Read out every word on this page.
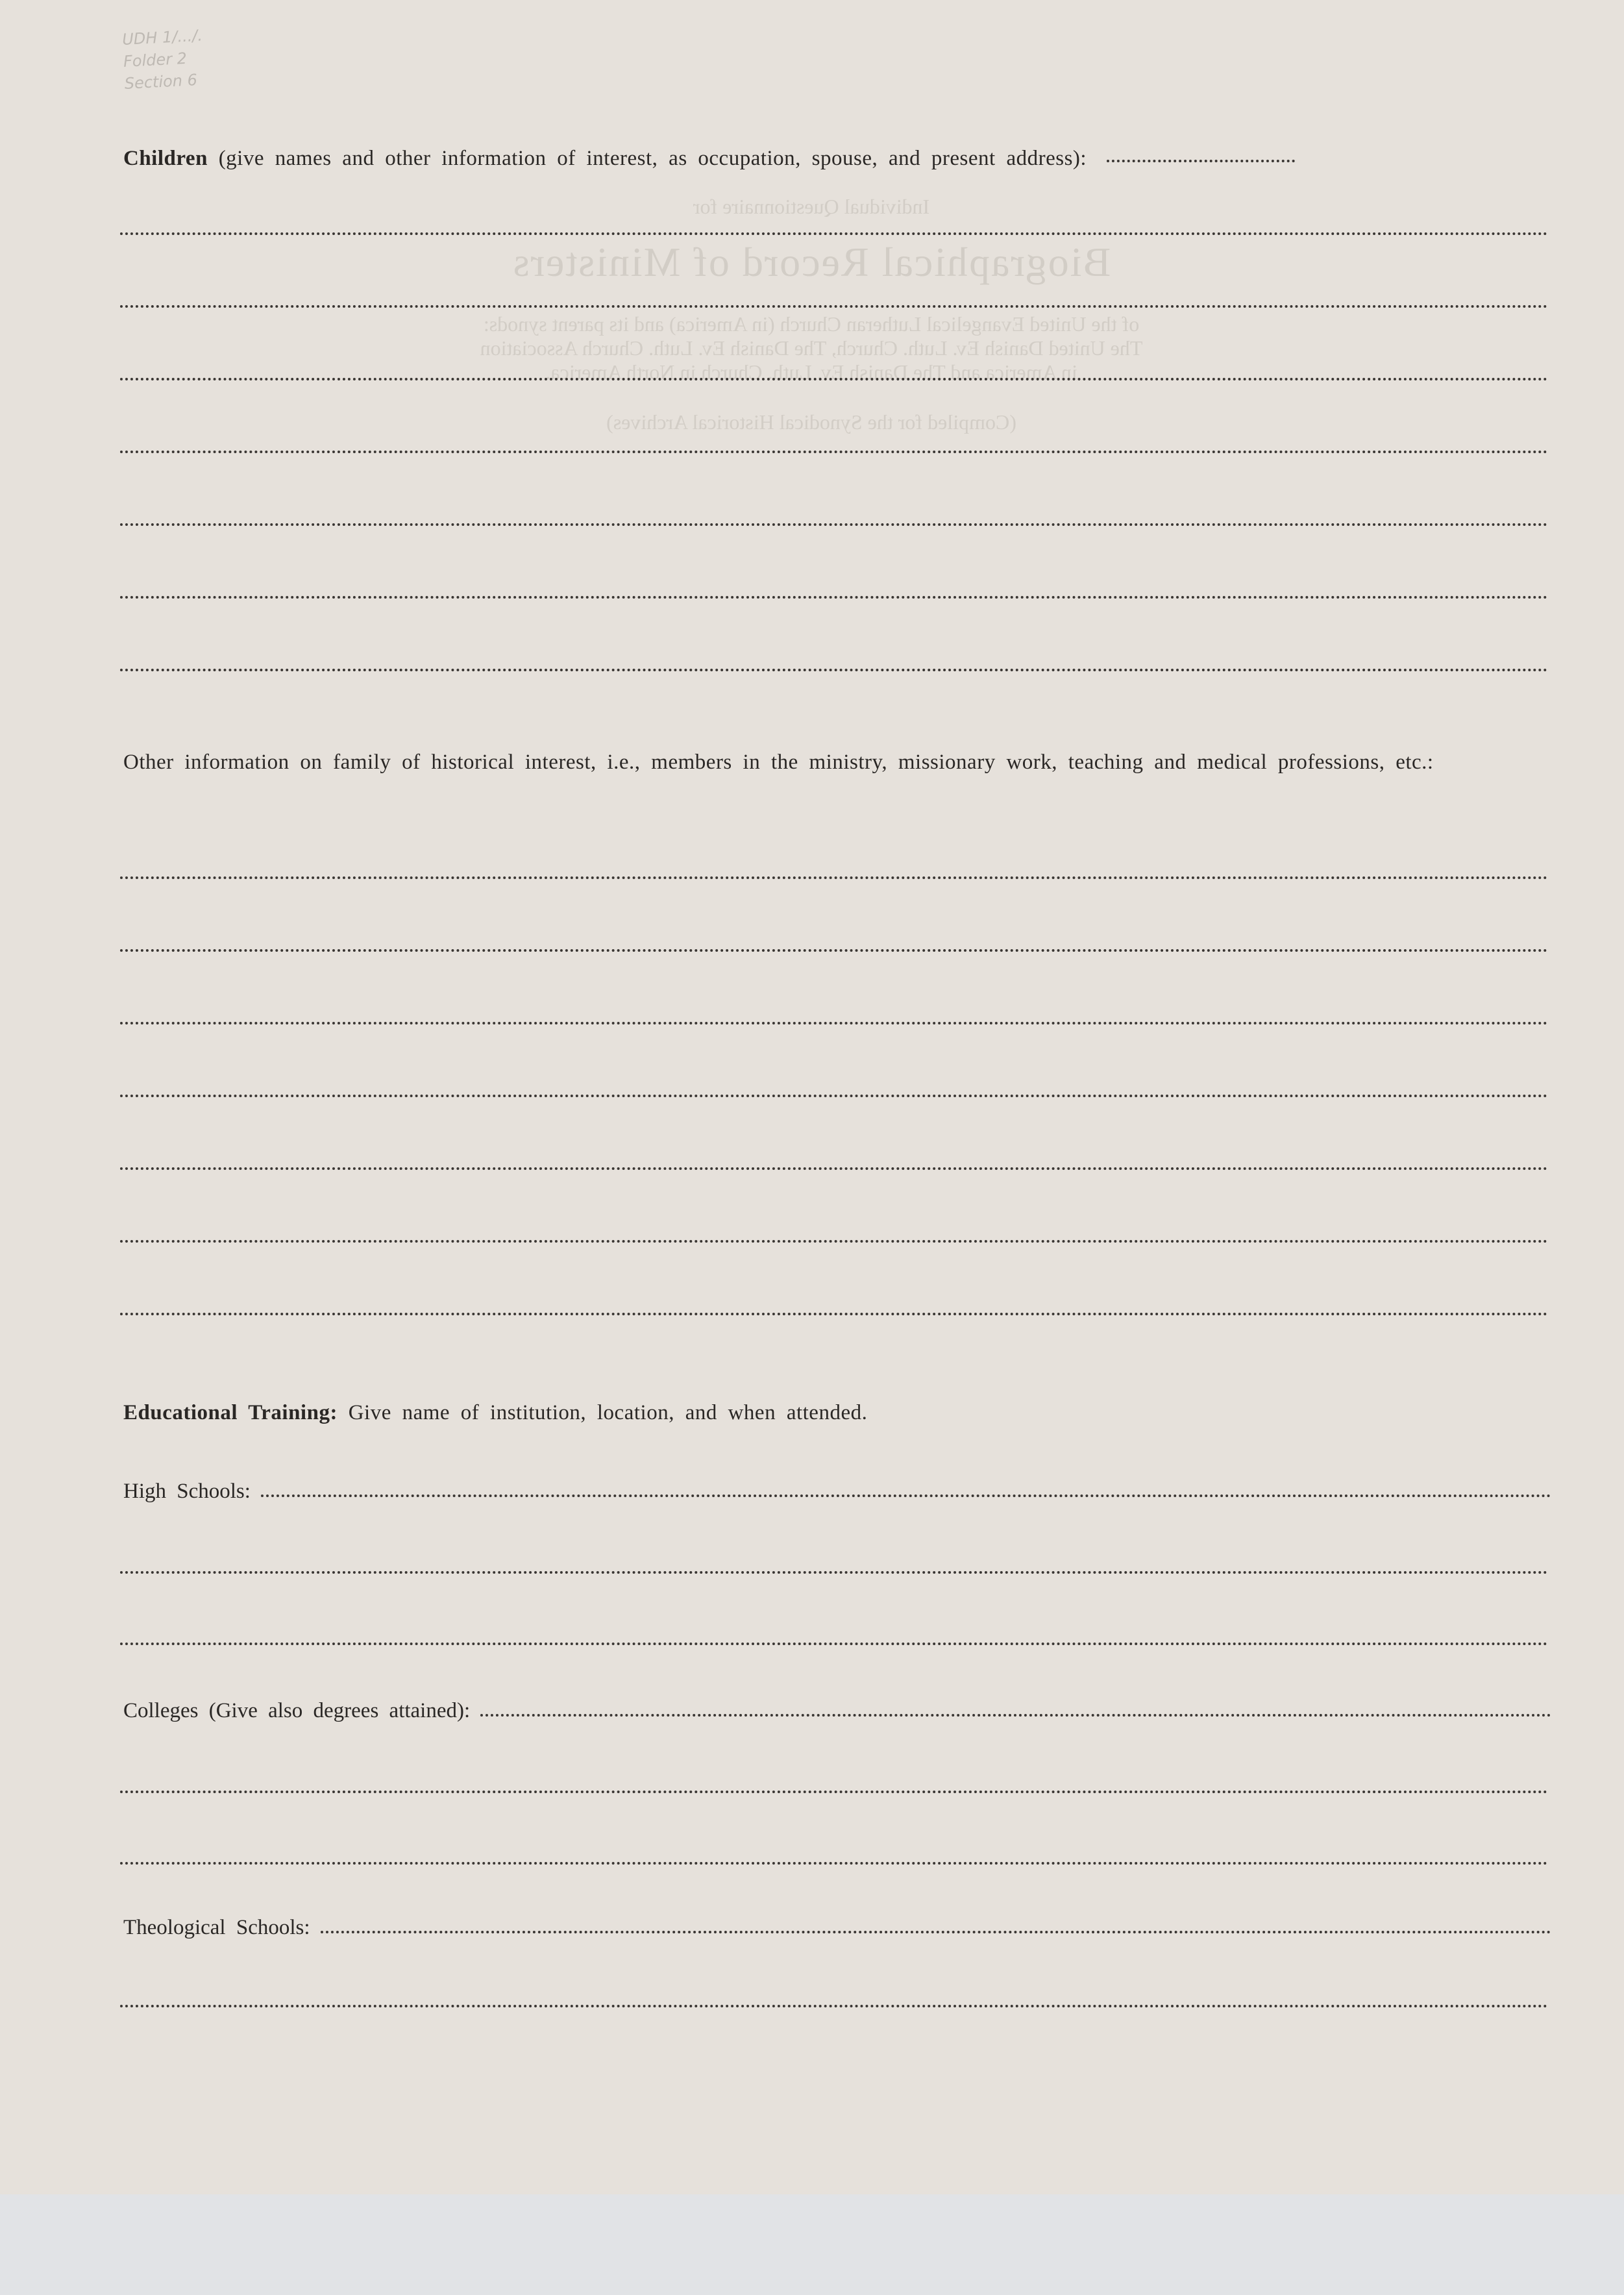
UDH 1/.../.
Folder 2
Section 6
Individual Questionnaire for
Biographical Record of Ministers
of the United Evangelical Lutheran Church (in America) and its parent synods:
The United Danish Ev. Luth. Church, The Danish Ev. Luth. Church Association
in America and The Danish Ev. Luth. Church in North America.
(Compiled for the Synodical Historical Archives)
Children (give names and other information of interest, as occupation, spouse, and present address):
Other information on family of historical interest, i.e., members in the ministry, missionary work, teaching and medical professions, etc.:
Educational Training: Give name of institution, location, and when attended.
High Schools:
Colleges (Give also degrees attained):
Theological Schools:
